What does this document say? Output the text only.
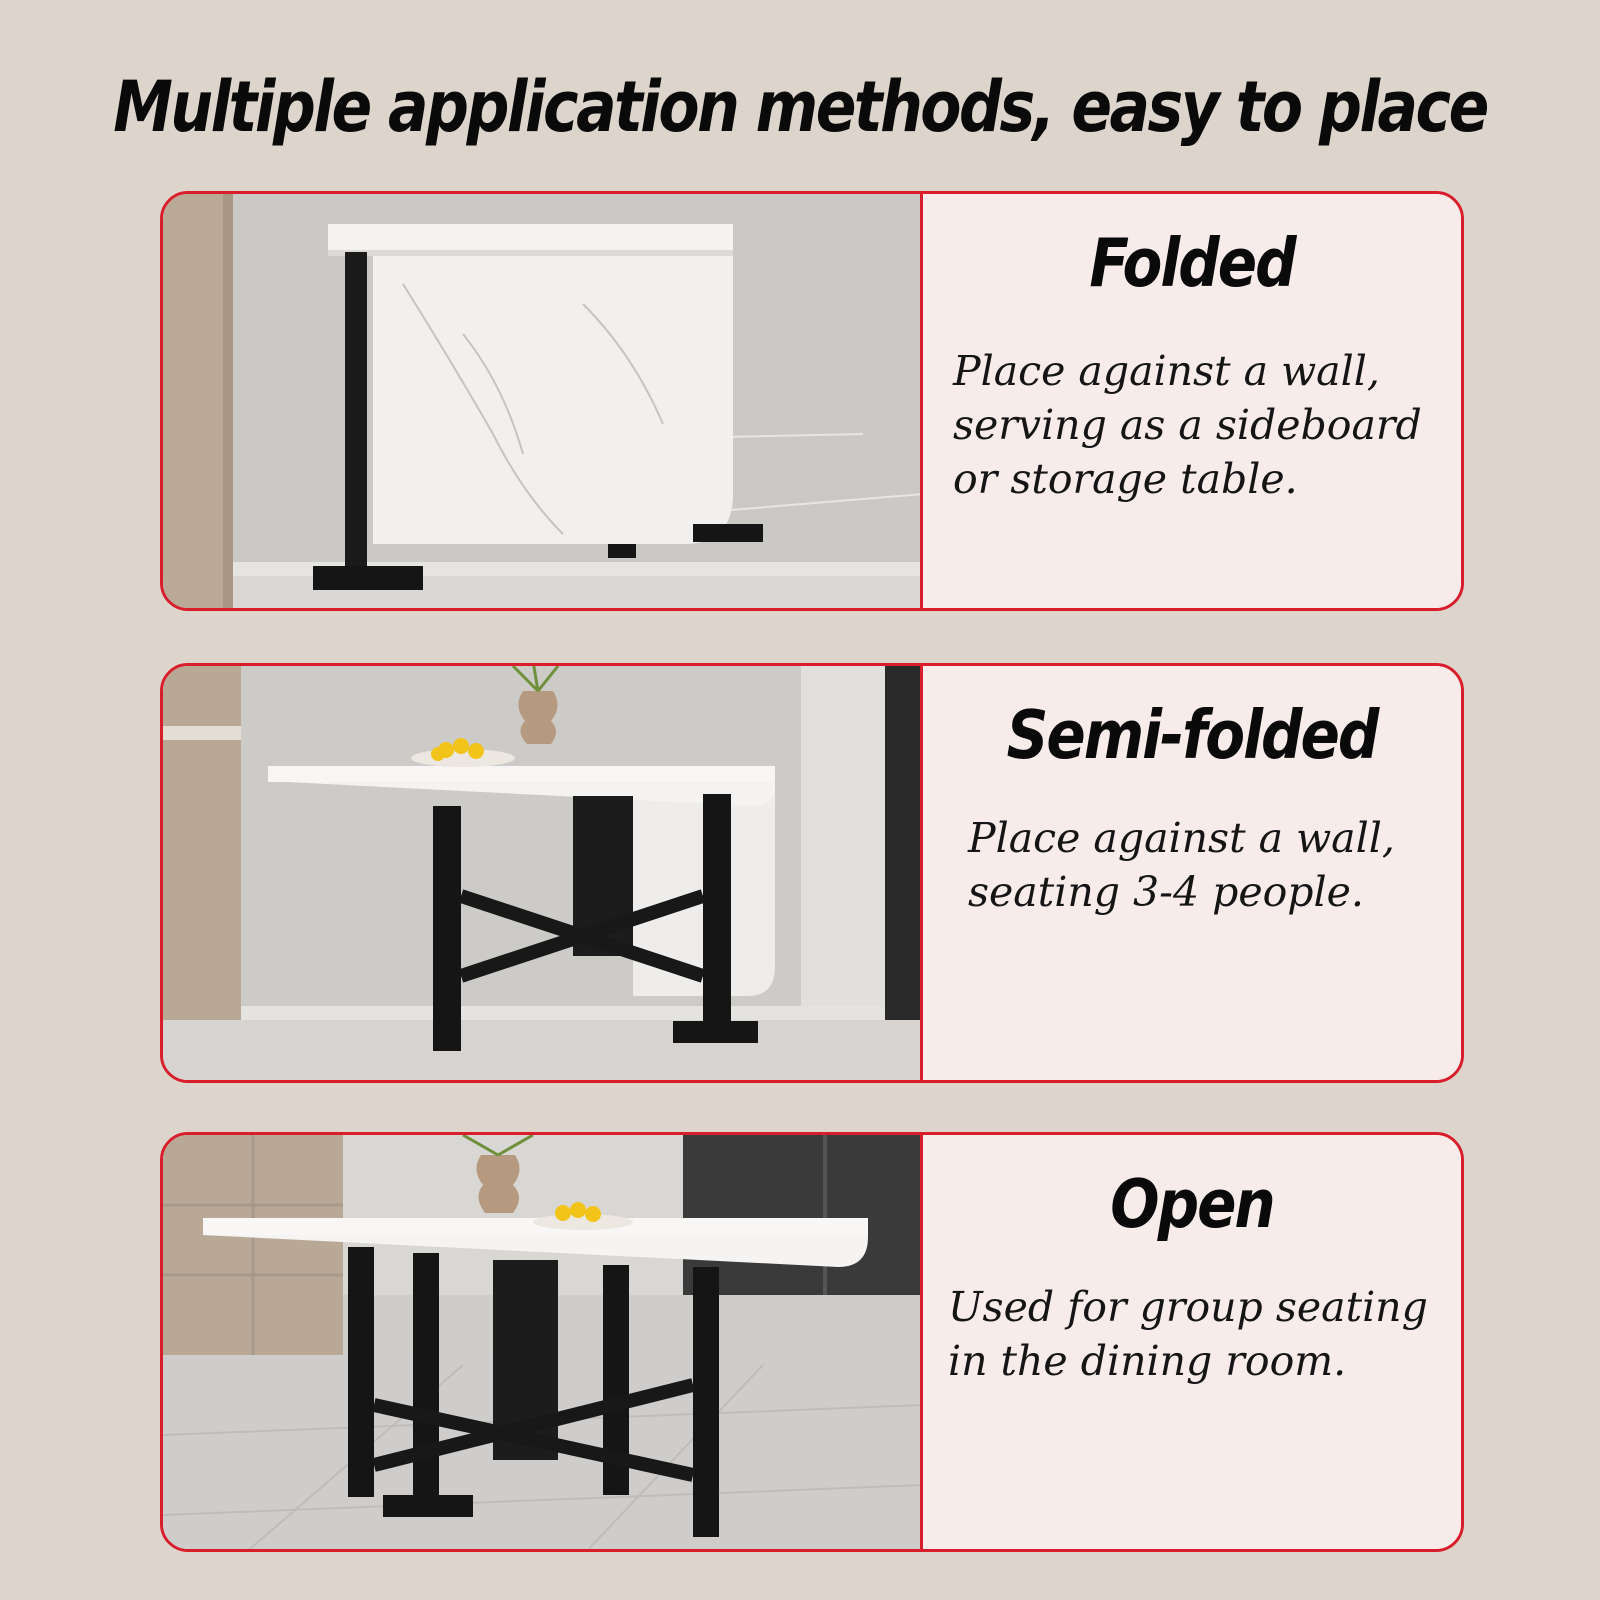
Multiple application methods, easy to place
Folded
Place against a wall,
serving as a sideboard
or storage table.
Semi-folded
Place against a wall,
seating 3-4 people.
Open
Used for group seating
in the dining room.
